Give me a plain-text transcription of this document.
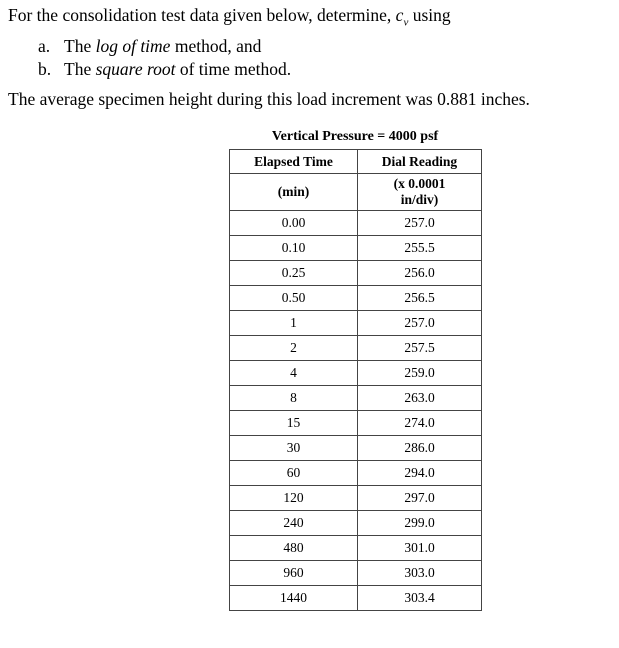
For the consolidation test data given below, determine, $c_v$ using

a. The log of time method, and
b. The square root of time method.

The average specimen height during this load increment was 0.881 inches.

Vertical Pressure = 4000 psf
Elapsed Time	Dial Reading
(min)	(x 0.0001
in/div)
0.00	257.0
0.10	255.5
0.25	256.0
0.50	256.5
1	257.0
2	257.5
4	259.0
8	263.0
15	274.0
30	286.0
60	294.0
120	297.0
240	299.0
480	301.0
960	303.0
1440	303.4
